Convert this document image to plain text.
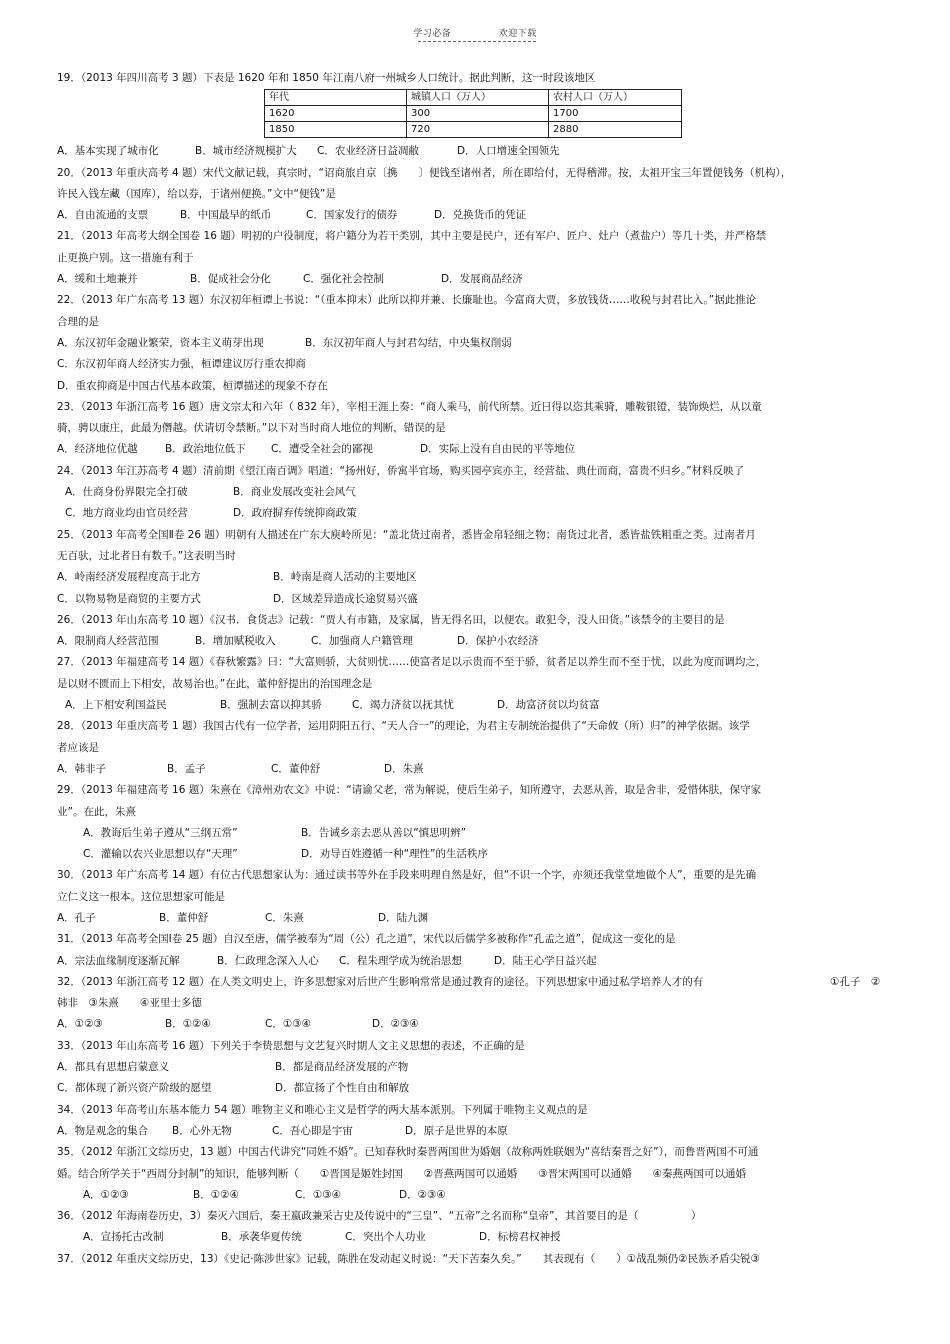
学习必备	欢迎下载
19．（2013 年四川高考 3 题）下表是 1620 年和 1850 年江南八府一州城乡人口统计。据此判断，这一时段该地区
年代	城镇人口（万人）	农村人口（万人）
1620	300	1700
1850	720	2880
A．基本实现了城市化	B．城市经济规模扩大 C．农业经济日益凋敝	D．人口增速全国领先
20．（2013 年重庆高考 4 题）宋代文献记载，真宗时，“诏商旅自京〔携　　〕便钱至诸州者，所在即给付，无得稽滞。按，太祖开宝三年置便钱务（机构），
许民入钱左藏（国库），给以券，于诸州便换。”文中“便钱”是
A．自由流通的支票	B．中国最早的纸币	C．国家发行的债券	D．兑换货币的凭证
21．（2013 年高考大纲全国卷 16 题）明初的户役制度，将户籍分为若干类别，其中主要是民户，还有军户、匠户、灶户（煮盐户）等几十类，并严格禁
止更换户别。这一措施有利于
A．缓和土地兼并	B．促成社会分化	C．强化社会控制	D．发展商品经济
22．（2013 年广东高考 13 题）东汉初年桓谭上书说：“（重本抑末）此所以抑并兼、长廉耻也。今富商大贾，多放钱货……收税与封君比入。”据此推论
合理的是
A．东汉初年金融业繁荣，资本主义萌芽出现	B．东汉初年商人与封君勾结，中央集权削弱
C．东汉初年商人经济实力强，桓谭建议厉行重农抑商
D．重农抑商是中国古代基本政策，桓谭描述的现象不存在
23．（2013 年浙江高考 16 题）唐文宗太和六年（ 832 年），宰相王涯上奏：“商人乘马，前代所禁。近日得以恣其乘骑，雕鞍银镫，装饰焕烂，从以童
骑，骋以康庄，此最为僭越。伏请切令禁断。”以下对当时商人地位的判断，错误的是
A．经济地位优越	B．政治地位低下 C．遭受全社会的鄙视	D．实际上没有自由民的平等地位
24．（2013 年江苏高考 4 题）清前期《望江南百调》唱道：“扬州好，侨寓半官场，购买园亭宾亦主，经营盐、典仕而商，富贵不归乡。”材料反映了
A．仕商身份界限完全打破	B．商业发展改变社会风气
C．地方商业均由官员经营	D．政府摒弃传统抑商政策
25．（2013 年高考全国Ⅱ卷 26 题）明朝有人描述在广东大庾岭所见：“盖北货过南者，悉皆金帛轻细之物；南货过北者，悉皆盐铁粗重之类。过南者月
无百驮，过北者日有数千。”这表明当时
A．岭南经济发展程度高于北方	B．岭南是商人活动的主要地区
C．以物易物是商贸的主要方式	D．区域差异造成长途贸易兴盛
26．（2013 年山东高考 10 题）《汉书．食货志》记载：“贾人有市籍，及家属，皆无得名田，以便农。敢犯令，没人田货。”该禁令的主要目的是
A．限制商人经营范围	B．增加赋税收入	C．加强商人户籍管理	D．保护小农经济
27．（2013 年福建高考 14 题）《春秋繁露》曰：“大富则骄，大贫则忧……使富者足以示贵而不至于骄，贫者足以养生而不至于忧，以此为度而调均之，
是以财不匮而上下相安，故易治也。”在此，董仲舒提出的治国理念是
A．上下相安利国益民	B．强制去富以抑其骄	C．竭力济贫以抚其忧	D．劫富济贫以均贫富
28．（2013 年重庆高考 1 题）我国古代有一位学者，运用阴阳五行、“天人合一”的理论，为君主专制统治提供了“天命攸（所）归”的神学依据。该学
者应该是
A．韩非子	B．孟子	C．董仲舒	D．朱熹
29．（2013 年福建高考 16 题）朱熹在《漳州劝农文》中说：“请谕父老，常为解说，使后生弟子，知所遵守，去恶从善，取是舍非，爱惜体肤，保守家
业”。在此，朱熹
A．教诲后生弟子遵从“三纲五常”	B．告诫乡亲去恶从善以“慎思明辨”
C．灌输以农兴业思想以存“天理”	D．劝导百姓遵循一种“理性”的生活秩序
30．（2013 年广东高考 14 题）有位古代思想家认为：通过读书等外在手段来明理自然是好，但“不识一个字，亦须还我堂堂地做个人”，重要的是先确
立仁义这一根本。这位思想家可能是
A．孔子	B．董仲舒	C．朱熹	D．陆九渊
31．（2013 年高考全国Ⅰ卷 25 题）自汉至唐，儒学被奉为“周（公）孔之道”，宋代以后儒学多被称作“孔孟之道”，促成这一变化的是
A．宗法血缘制度逐渐瓦解	B．仁政理念深入人心 C．程朱理学成为统治思想	D．陆王心学日益兴起
32．（2013 年浙江高考 12 题）在人类文明史上，许多思想家对后世产生影响常常是通过教育的途径。下列思想家中通过私学培养人才的有	①孔子　②
韩非　③朱熹　　④亚里士多德
A．①②③	B．①②④	C．①③④	D．②③④
33．（2013 年山东高考 16 题）下列关于李贽思想与文艺复兴时期人文主义思想的表述，不正确的是
A．都具有思想启蒙意义	B．都是商品经济发展的产物
C．都体现了新兴资产阶级的愿望	D．都宣扬了个性自由和解放
34．（2013 年高考山东基本能力 54 题）唯物主义和唯心主义是哲学的两大基本派别。下列属于唯物主义观点的是
A．物是观念的集合 B．心外无物	C．吾心即是宇宙	D．原子是世界的本原
35．（2012 年浙江文综历史，13 题）中国古代讲究“同姓不婚”。已知春秋时秦晋两国世为婚姻（故称两姓联姻为“喜结秦晋之好”），而鲁晋两国不可通
婚。结合所学关于“西周分封制”的知识，能够判断（　　①晋国是姬姓封国　　②晋燕两国可以通婚　　③晋宋两国可以通婚　　④秦燕两国可以通婚
A．①②③	B．①②④	C．①③④	D．②③④
36．（2012 年海南卷历史，3）秦灭六国后，秦王嬴政兼采古史及传说中的“三皇”、“五帝”之名而称“皇帝”，其首要目的是（　　　　　）
A．宣扬托古改制	B．承袭华夏传统	C．突出个人功业	D．标榜君权神授
37．（2012 年重庆文综历史，13）《史记·陈涉世家》记载，陈胜在发动起义时说：“天下苦秦久矣。”　　其表现有（　　）①战乱频仍②民族矛盾尖锐③
